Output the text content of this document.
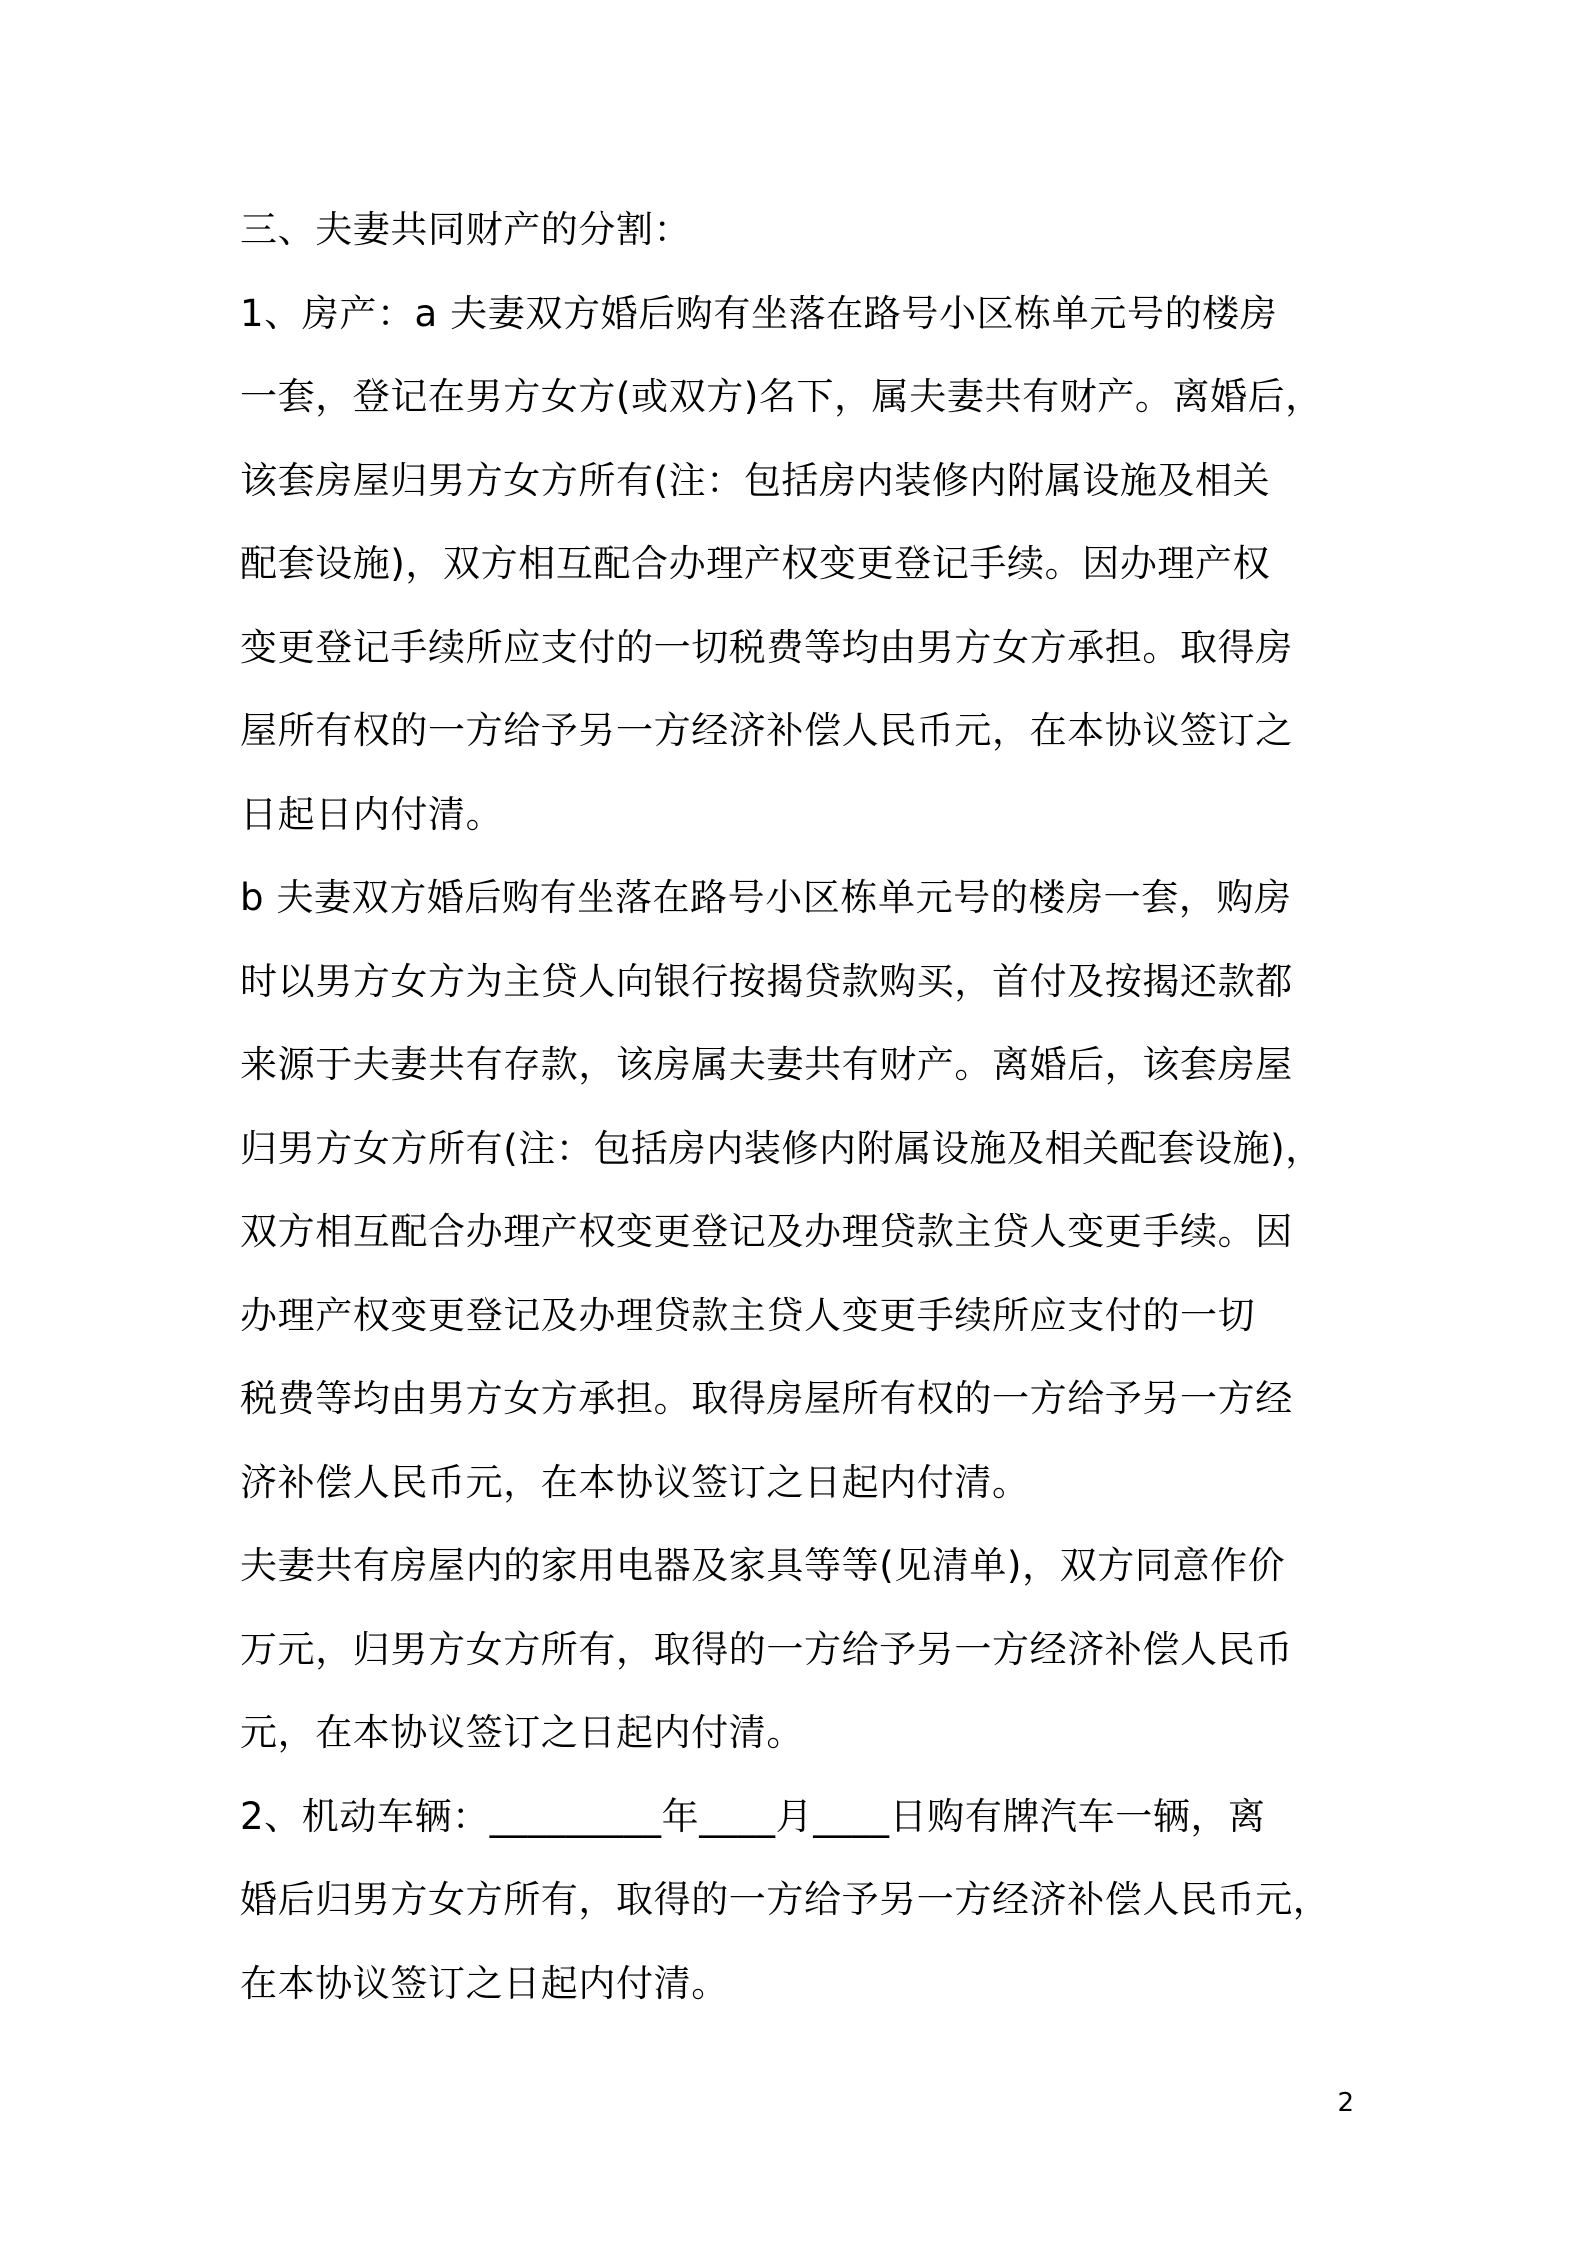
三、夫妻共同财产的分割：
1、房产：a 夫妻双方婚后购有坐落在路号小区栋单元号的楼房
一套，登记在男方女方(或双方)名下，属夫妻共有财产。离婚后，
该套房屋归男方女方所有(注：包括房内装修内附属设施及相关
配套设施)，双方相互配合办理产权变更登记手续。因办理产权
变更登记手续所应支付的一切税费等均由男方女方承担。取得房
屋所有权的一方给予另一方经济补偿人民币元，在本协议签订之
日起日内付清。
b 夫妻双方婚后购有坐落在路号小区栋单元号的楼房一套，购房
时以男方女方为主贷人向银行按揭贷款购买，首付及按揭还款都
来源于夫妻共有存款，该房属夫妻共有财产。离婚后，该套房屋
归男方女方所有(注：包括房内装修内附属设施及相关配套设施)，
双方相互配合办理产权变更登记及办理贷款主贷人变更手续。因
办理产权变更登记及办理贷款主贷人变更手续所应支付的一切
税费等均由男方女方承担。取得房屋所有权的一方给予另一方经
济补偿人民币元，在本协议签订之日起内付清。
夫妻共有房屋内的家用电器及家具等等(见清单)，双方同意作价
万元，归男方女方所有，取得的一方给予另一方经济补偿人民币
元，在本协议签订之日起内付清。
2、机动车辆：_________年____月____日购有牌汽车一辆，离
婚后归男方女方所有，取得的一方给予另一方经济补偿人民币元，
在本协议签订之日起内付清。
2
